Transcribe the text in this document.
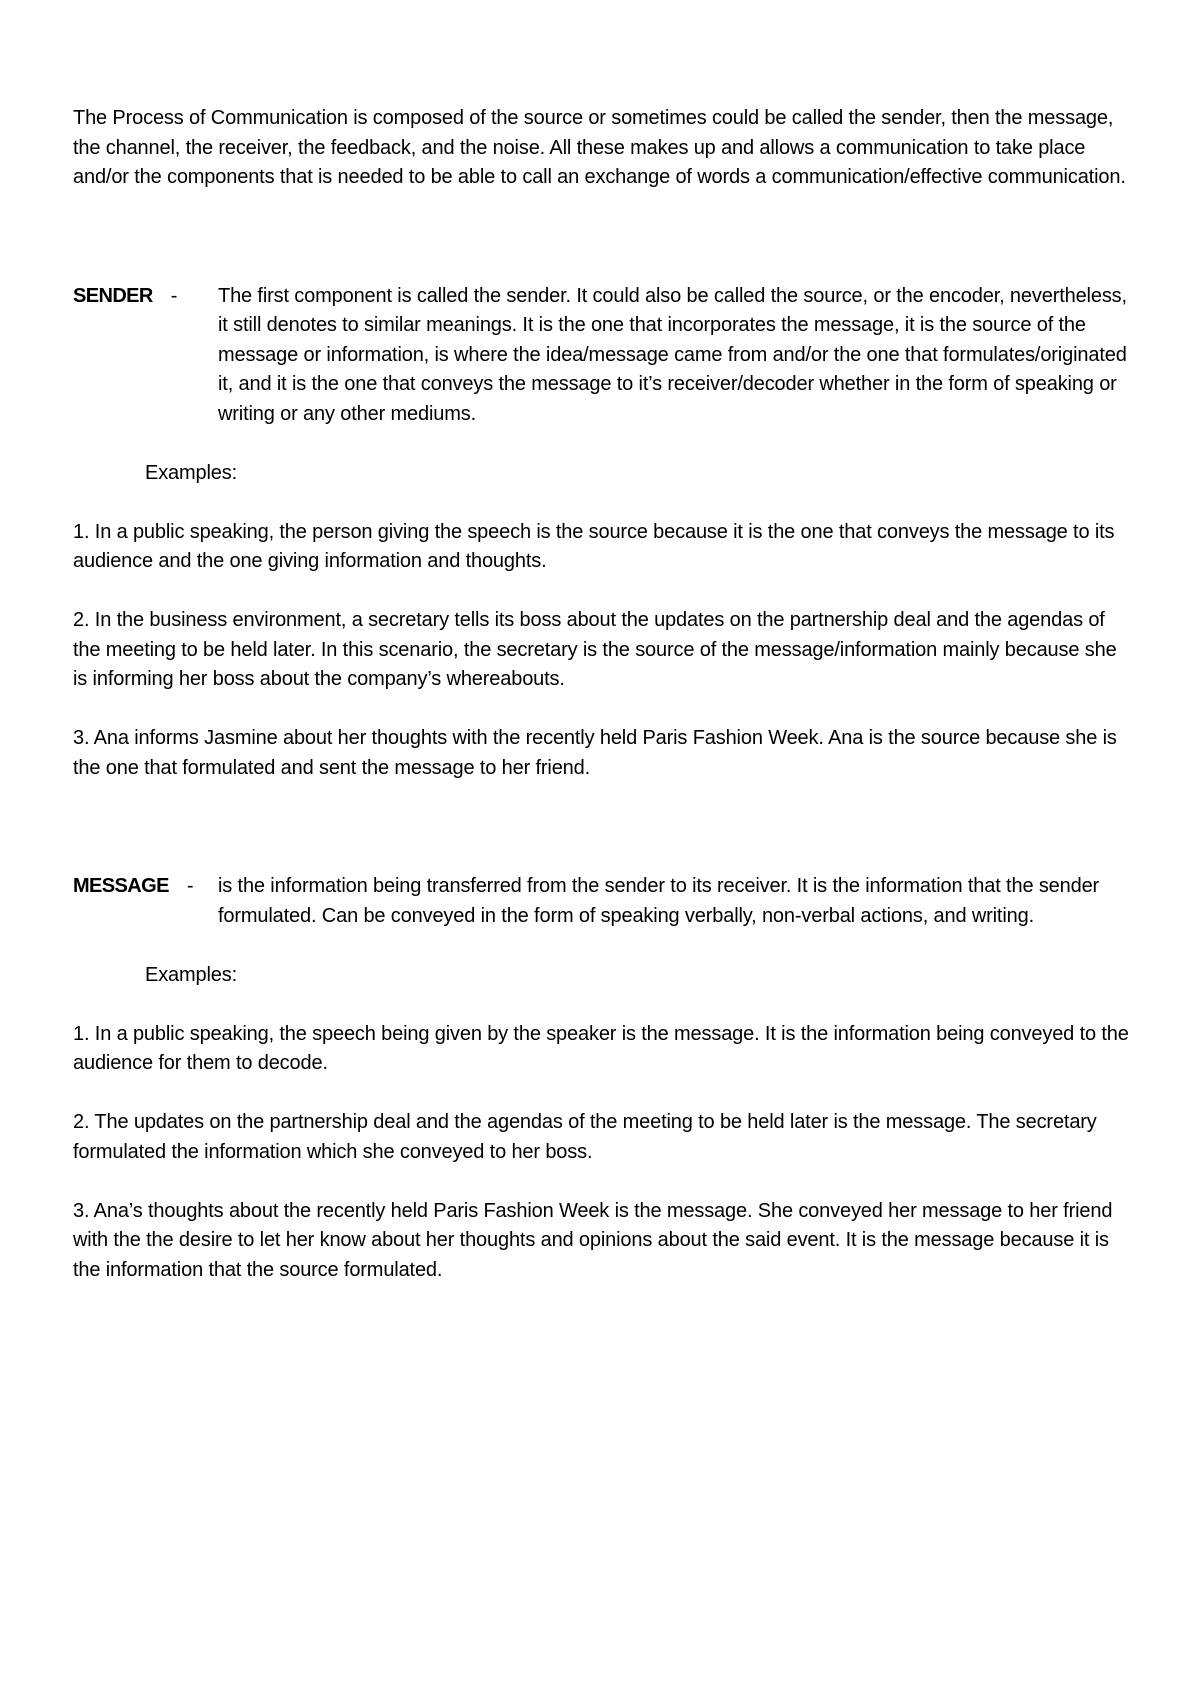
The Process of Communication is composed of the source or sometimes could be called the sender, then the message, the channel, the receiver, the feedback, and the noise. All these makes up and allows a communication to take place and/or the components that is needed to be able to call an exchange of words a communication/effective communication.

SENDER -	The first component is called the sender. It could also be called the source, or the encoder, nevertheless, it still denotes to similar meanings. It is the one that incorporates the message, it is the source of the message or information, is where the idea/message came from and/or the one that formulates/originated it, and it is the one that conveys the message to it’s receiver/decoder whether in the form of speaking or writing or any other mediums.

Examples:

1. In a public speaking, the person giving the speech is the source because it is the one that conveys the message to its audience and the one giving information and thoughts.

2. In the business environment, a secretary tells its boss about the updates on the partnership deal and the agendas of the meeting to be held later. In this scenario, the secretary is the source of the message/information mainly because she is informing her boss about the company’s whereabouts.

3. Ana informs Jasmine about her thoughts with the recently held Paris Fashion Week. Ana is the source because she is the one that formulated and sent the message to her friend.

MESSAGE -	is the information being transferred from the sender to its receiver. It is the information that the sender formulated. Can be conveyed in the form of speaking verbally, non-verbal actions, and writing.

Examples:

1. In a public speaking, the speech being given by the speaker is the message. It is the information being conveyed to the audience for them to decode.

2. The updates on the partnership deal and the agendas of the meeting to be held later is the message. The secretary formulated the information which she conveyed to her boss.

3. Ana’s thoughts about the recently held Paris Fashion Week is the message. She conveyed her message to her friend with the the desire to let her know about her thoughts and opinions about the said event. It is the message because it is the information that the source formulated.
